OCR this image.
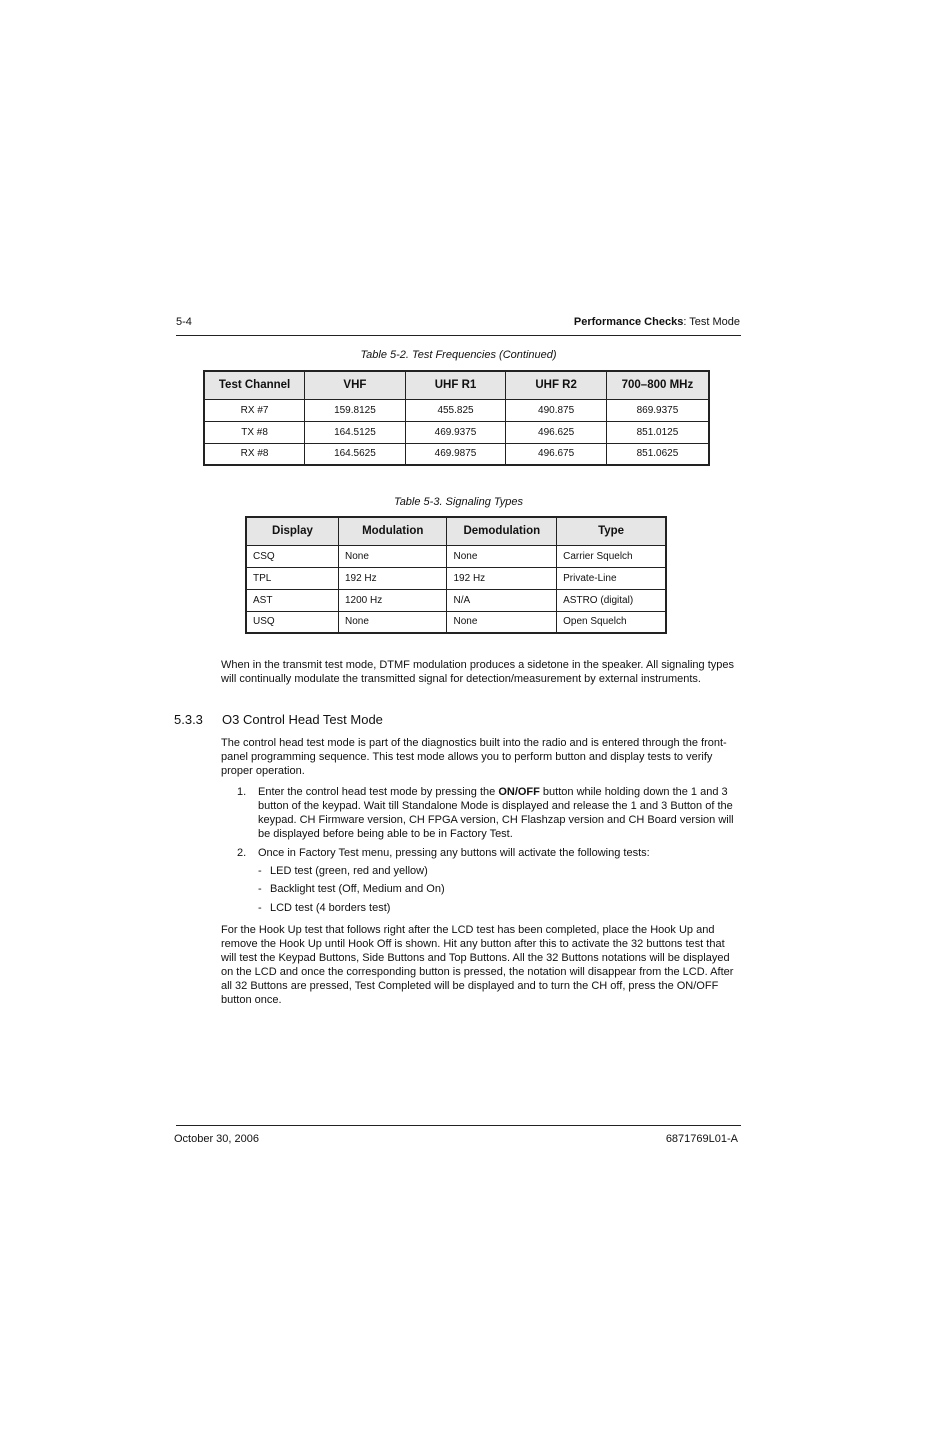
5-4	Performance Checks: Test Mode
Table 5-2. Test Frequencies (Continued)
Test Channel	VHF	UHF R1	UHF R2	700–800 MHz
RX #7	159.8125	455.825	490.875	869.9375
TX #8	164.5125	469.9375	496.625	851.0125
RX #8	164.5625	469.9875	496.675	851.0625
Table 5-3. Signaling Types
Display	Modulation	Demodulation	Type
CSQ	None	None	Carrier Squelch
TPL	192 Hz	192 Hz	Private-Line
AST	1200 Hz	N/A	ASTRO (digital)
USQ	None	None	Open Squelch
When in the transmit test mode, DTMF modulation produces a sidetone in the speaker. All signaling types will continually modulate the transmitted signal for detection/measurement by external instruments.
5.3.3 O3 Control Head Test Mode
The control head test mode is part of the diagnostics built into the radio and is entered through the front-panel programming sequence. This test mode allows you to perform button and display tests to verify proper operation.
1. Enter the control head test mode by pressing the ON/OFF button while holding down the 1 and 3 button of the keypad. Wait till Standalone Mode is displayed and release the 1 and 3 Button of the keypad. CH Firmware version, CH FPGA version, CH Flashzap version and CH Board version will be displayed before being able to be in Factory Test.
2. Once in Factory Test menu, pressing any buttons will activate the following tests:
- LED test (green, red and yellow)
- Backlight test (Off, Medium and On)
- LCD test (4 borders test)
For the Hook Up test that follows right after the LCD test has been completed, place the Hook Up and remove the Hook Up until Hook Off is shown. Hit any button after this to activate the 32 buttons test that will test the Keypad Buttons, Side Buttons and Top Buttons. All the 32 Buttons notations will be displayed on the LCD and once the corresponding button is pressed, the notation will disappear from the LCD. After all 32 Buttons are pressed, Test Completed will be displayed and to turn the CH off, press the ON/OFF button once.
October 30, 2006	6871769L01-A
